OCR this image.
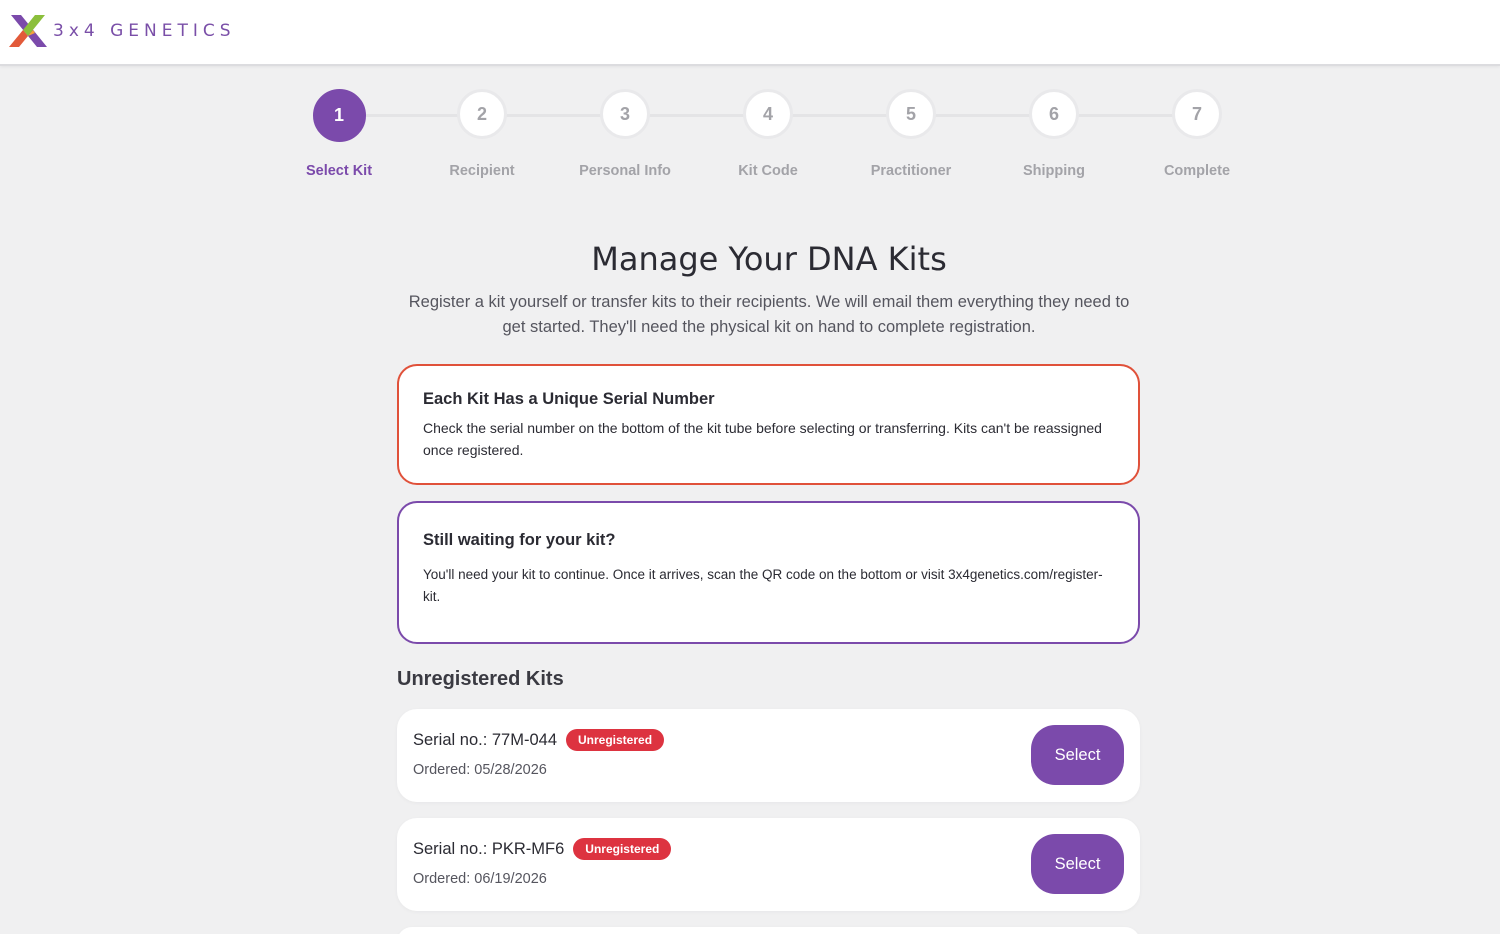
3x4 GENETICS
1
Select Kit
2
Recipient
3
Personal Info
4
Kit Code
5
Practitioner
6
Shipping
7
Complete
Manage Your DNA Kits

Register a kit yourself or transfer kits to their recipients. We will email them everything they need to get started. They'll need the physical kit on hand to complete registration.

Each Kit Has a Unique Serial Number
Check the serial number on the bottom of the kit tube before selecting or transferring. Kits can't be reassigned once registered.
Still waiting for your kit?
You'll need your kit to continue. Once it arrives, scan the QR code on the bottom or visit 3x4genetics.com/register-kit.
Unregistered Kits
Serial no.: 77M-044	Unregistered
Ordered: 05/28/2026
Select
Serial no.: PKR-MF6	Unregistered
Ordered: 06/19/2026
Select
